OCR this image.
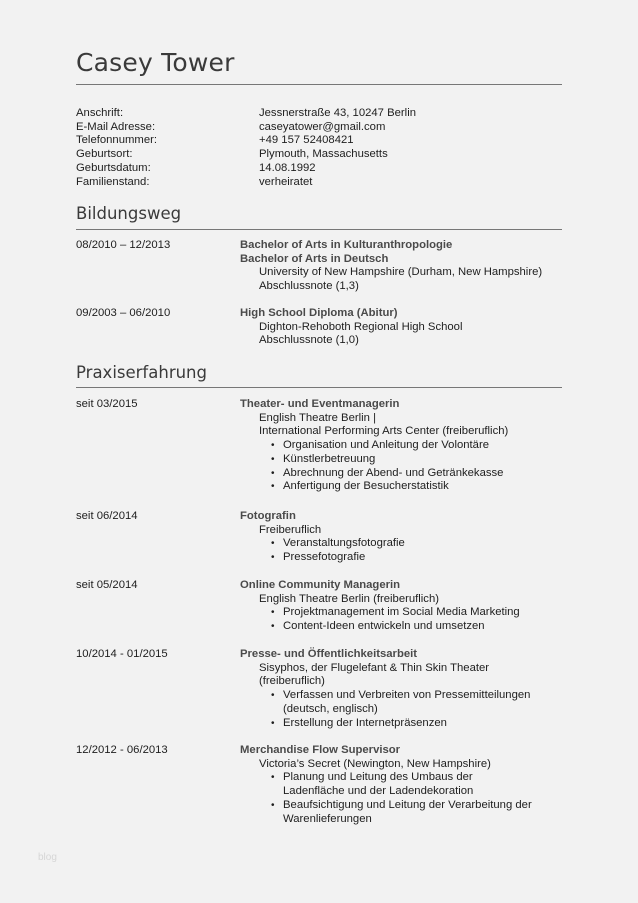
Casey Tower
Anschrift:	Jessnerstraße 43, 10247 Berlin
E-Mail Adresse:	caseyatower@gmail.com
Telefonnummer:	+49 157 52408421
Geburtsort:	Plymouth, Massachusetts
Geburtsdatum:	14.08.1992
Familienstand:	verheiratet
Bildungsweg
08/2010 – 12/2013	Bachelor of Arts in Kulturanthropologie
Bachelor of Arts in Deutsch
University of New Hampshire (Durham, New Hampshire)
Abschlussnote (1,3)
09/2003 – 06/2010	High School Diploma (Abitur)
Dighton-Rehoboth Regional High School
Abschlussnote (1,0)
Praxiserfahrung
seit 03/2015	Theater- und Eventmanagerin
English Theatre Berlin |
International Performing Arts Center (freiberuflich)
• Organisation und Anleitung der Volontäre
• Künstlerbetreuung
• Abrechnung der Abend- und Getränkekasse
• Anfertigung der Besucherstatistik
seit 06/2014	Fotografin
Freiberuflich
• Veranstaltungsfotografie
• Pressefotografie
seit 05/2014	Online Community Managerin
English Theatre Berlin (freiberuflich)
• Projektmanagement im Social Media Marketing
• Content-Ideen entwickeln und umsetzen
10/2014 - 01/2015	Presse- und Öffentlichkeitsarbeit
Sisyphos, der Flugelefant & Thin Skin Theater
(freiberuflich)
• Verfassen und Verbreiten von Pressemitteilungen (deutsch, englisch)
• Erstellung der Internetpräsenzen
12/2012 - 06/2013	Merchandise Flow Supervisor
Victoria’s Secret (Newington, New Hampshire)
• Planung und Leitung des Umbaus der Ladenfläche und der Ladendekoration
• Beaufsichtigung und Leitung der Verarbeitung der Warenlieferungen
blog
